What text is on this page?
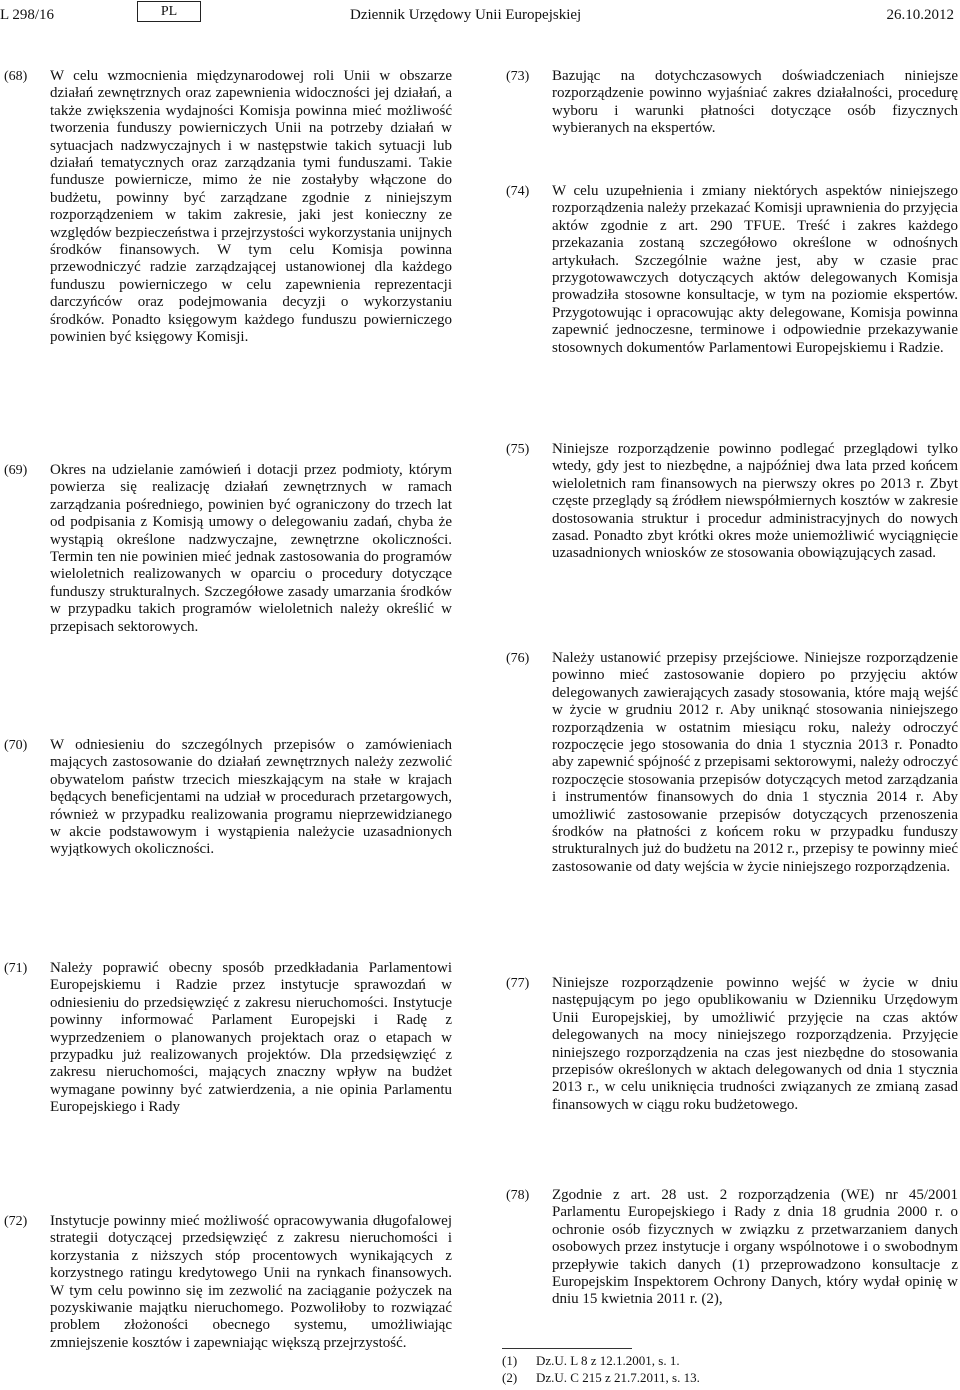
L 298/16	PL	Dziennik Urzędowy Unii Europejskiej	26.10.2012
(68) W celu wzmocnienia międzynarodowej roli Unii w obszarze działań zewnętrznych oraz zapewnienia widoczności jej działań, a także zwiększenia wydajności Komisja powinna mieć możliwość tworzenia funduszy powierniczych Unii na potrzeby działań w sytuacjach nadzwyczajnych i w następstwie takich sytuacji lub działań tematycznych oraz zarządzania tymi funduszami. Takie fundusze powiernicze, mimo że nie zostałyby włączone do budżetu, powinny być zarządzane zgodnie z niniejszym rozporządzeniem w takim zakresie, jaki jest konieczny ze względów bezpieczeństwa i przejrzystości wykorzystania unijnych środków finansowych. W tym celu Komisja powinna przewodniczyć radzie zarządzającej ustanowionej dla każdego funduszu powierniczego w celu zapewnienia reprezentacji darczyńców oraz podejmowania decyzji o wykorzystaniu środków. Ponadto księgowym każdego funduszu powierniczego powinien być księgowy Komisji.
(69) Okres na udzielanie zamówień i dotacji przez podmioty, którym powierza się realizację działań zewnętrznych w ramach zarządzania pośredniego, powinien być ograniczony do trzech lat od podpisania z Komisją umowy o delegowaniu zadań, chyba że wystąpią określone nadzwyczajne, zewnętrzne okoliczności. Termin ten nie powinien mieć jednak zastosowania do programów wieloletnich realizowanych w oparciu o procedury dotyczące funduszy strukturalnych. Szczegółowe zasady umarzania środków w przypadku takich programów wieloletnich należy określić w przepisach sektorowych.
(70) W odniesieniu do szczególnych przepisów o zamówieniach mających zastosowanie do działań zewnętrznych należy zezwolić obywatelom państw trzecich mieszkającym na stałe w krajach będących beneficjentami na udział w procedurach przetargowych, również w przypadku realizowania programu nieprzewidzianego w akcie podstawowym i wystąpienia należycie uzasadnionych wyjątkowych okoliczności.
(71) Należy poprawić obecny sposób przedkładania Parlamentowi Europejskiemu i Radzie przez instytucje sprawozdań w odniesieniu do przedsięwzięć z zakresu nieruchomości. Instytucje powinny informować Parlament Europejski i Radę z wyprzedzeniem o planowanych projektach oraz o etapach w przypadku już realizowanych projektów. Dla przedsięwzięć z zakresu nieruchomości, mających znaczny wpływ na budżet wymagane powinny być zatwierdzenia, a nie opinia Parlamentu Europejskiego i Rady
(72) Instytucje powinny mieć możliwość opracowywania długofalowej strategii dotyczącej przedsięwzięć z zakresu nieruchomości i korzystania z niższych stóp procentowych wynikających z korzystnego ratingu kredytowego Unii na rynkach finansowych. W tym celu powinno się im zezwolić na zaciąganie pożyczek na pozyskiwanie majątku nieruchomego. Pozwoliłoby to rozwiązać problem złożoności obecnego systemu, umożliwiając zmniejszenie kosztów i zapewniając większą przejrzystość.
(73) Bazując na dotychczasowych doświadczeniach niniejsze rozporządzenie powinno wyjaśniać zakres działalności, procedurę wyboru i warunki płatności dotyczące osób fizycznych wybieranych na ekspertów.
(74) W celu uzupełnienia i zmiany niektórych aspektów niniejszego rozporządzenia należy przekazać Komisji uprawnienia do przyjęcia aktów zgodnie z art. 290 TFUE. Treść i zakres każdego przekazania zostaną szczegółowo określone w odnośnych artykułach. Szczególnie ważne jest, aby w czasie prac przygotowawczych dotyczących aktów delegowanych Komisja prowadziła stosowne konsultacje, w tym na poziomie ekspertów. Przygotowując i opracowując akty delegowane, Komisja powinna zapewnić jednoczesne, terminowe i odpowiednie przekazywanie stosownych dokumentów Parlamentowi Europejskiemu i Radzie.
(75) Niniejsze rozporządzenie powinno podlegać przeglądowi tylko wtedy, gdy jest to niezbędne, a najpóźniej dwa lata przed końcem wieloletnich ram finansowych na pierwszy okres po 2013 r. Zbyt częste przeglądy są źródłem niewspółmiernych kosztów w zakresie dostosowania struktur i procedur administracyjnych do nowych zasad. Ponadto zbyt krótki okres może uniemożliwić wyciągnięcie uzasadnionych wniosków ze stosowania obowiązujących zasad.
(76) Należy ustanowić przepisy przejściowe. Niniejsze rozporządzenie powinno mieć zastosowanie dopiero po przyjęciu aktów delegowanych zawierających zasady stosowania, które mają wejść w życie w grudniu 2012 r. Aby uniknąć stosowania niniejszego rozporządzenia w ostatnim miesiącu roku, należy odroczyć rozpoczęcie jego stosowania do dnia 1 stycznia 2013 r. Ponadto aby zapewnić spójność z przepisami sektorowymi, należy odroczyć rozpoczęcie stosowania przepisów dotyczących metod zarządzania i instrumentów finansowych do dnia 1 stycznia 2014 r. Aby umożliwić zastosowanie przepisów dotyczących przenoszenia środków na płatności z końcem roku w przypadku funduszy strukturalnych już do budżetu na 2012 r., przepisy te powinny mieć zastosowanie od daty wejścia w życie niniejszego rozporządzenia.
(77) Niniejsze rozporządzenie powinno wejść w życie w dniu następującym po jego opublikowaniu w Dzienniku Urzędowym Unii Europejskiej, by umożliwić przyjęcie na czas aktów delegowanych na mocy niniejszego rozporządzenia. Przyjęcie niniejszego rozporządzenia na czas jest niezbędne do stosowania przepisów określonych w aktach delegowanych od dnia 1 stycznia 2013 r., w celu uniknięcia trudności związanych ze zmianą zasad finansowych w ciągu roku budżetowego.
(78) Zgodnie z art. 28 ust. 2 rozporządzenia (WE) nr 45/2001 Parlamentu Europejskiego i Rady z dnia 18 grudnia 2000 r. o ochronie osób fizycznych w związku z przetwarzaniem danych osobowych przez instytucje i organy wspólnotowe i o swobodnym przepływie takich danych (1) przeprowadzono konsultacje z Europejskim Inspektorem Ochrony Danych, który wydał opinię w dniu 15 kwietnia 2011 r. (2),
(1) Dz.U. L 8 z 12.1.2001, s. 1.
(2) Dz.U. C 215 z 21.7.2011, s. 13.
